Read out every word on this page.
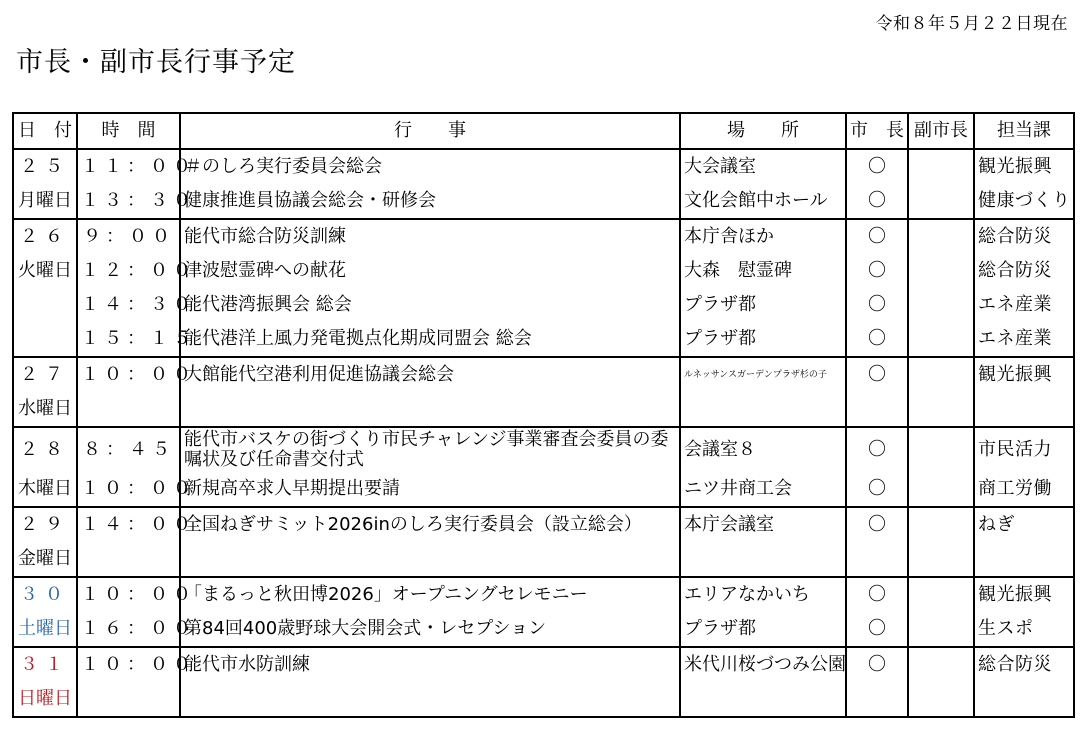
令和８年５月２２日現在
市長・副市長行事予定
日　付	時　間	行　　事	場　　所	市　長	副市長	担当課
２５	１１：００	＃のしろ実行委員会総会	大会議室	〇		観光振興
月曜日	１３：３０	健康推進員協議会総会・研修会	文化会館中ホール	〇		健康づくり
２６	９：００	能代市総合防災訓練	本庁舎ほか	〇		総合防災
火曜日	１２：００	津波慰霊碑への献花	大森　慰霊碑	〇		総合防災
	１４：３０	能代港湾振興会 総会	プラザ都	〇		エネ産業
	１５：１５	能代港洋上風力発電拠点化期成同盟会 総会	プラザ都	〇		エネ産業
２７	１０：００	大館能代空港利用促進協議会総会	ルネッサンスガーデンプラザ杉の子	〇		観光振興
水曜日						
２８	８：４５	能代市バスケの街づくり市民チャレンジ事業審査会委員の委嘱状及び任命書交付式	会議室８	〇		市民活力
木曜日	１０：００	新規高卒求人早期提出要請	ニツ井商工会	〇		商工労働
２９	１４：００	全国ねぎサミット2026inのしろ実行委員会（設立総会）	本庁会議室	〇		ねぎ
金曜日						
３０	１０：００	「まるっと秋田博2026」オープニングセレモニー	エリアなかいち	〇		観光振興
土曜日	１６：００	第84回400歳野球大会開会式・レセプション	プラザ都	〇		生スポ
３１	１０：００	能代市水防訓練	米代川桜づつみ公園	〇		総合防災
日曜日						
